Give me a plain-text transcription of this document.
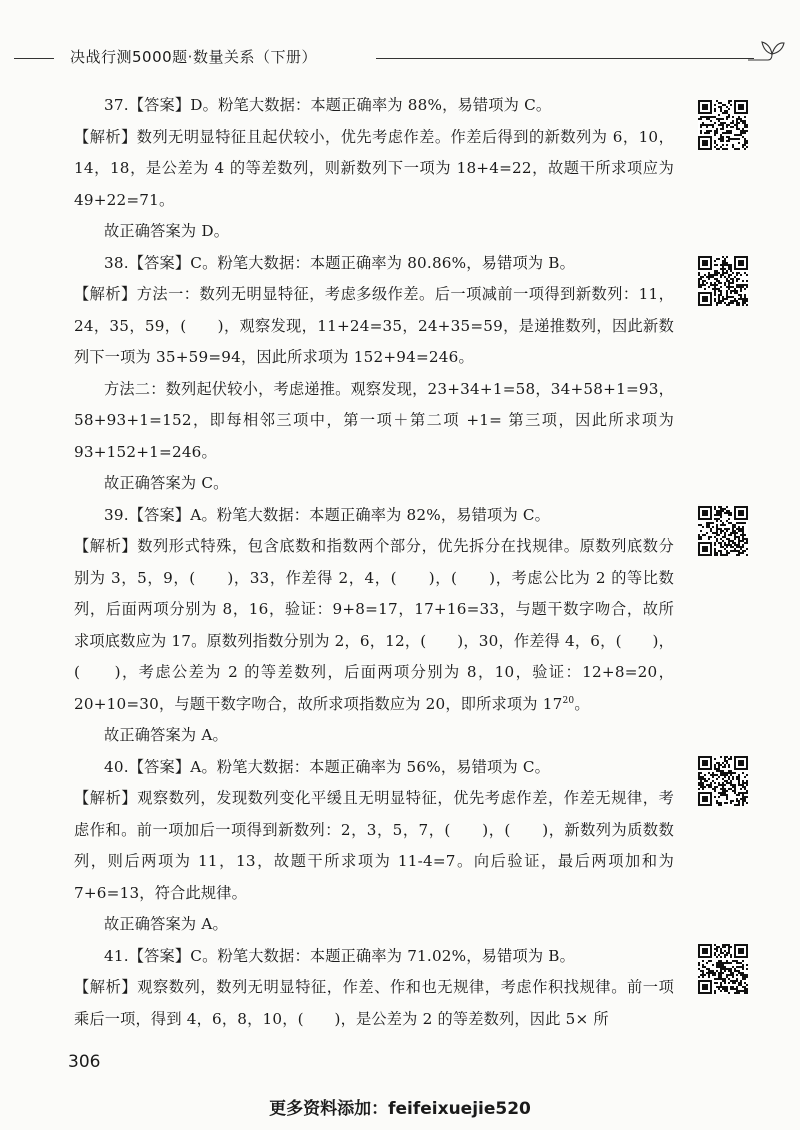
决战行测5000题·数量关系（下册）

37.【答案】D。粉笔大数据：本题正确率为 88%，易错项为 C。

【解析】数列无明显特征且起伏较小，优先考虑作差。作差后得到的新数列为 6，10，14，18，是公差为 4 的等差数列，则新数列下一项为 18+4=22，故题干所求项应为 49+22=71。

故正确答案为 D。

38.【答案】C。粉笔大数据：本题正确率为 80.86%，易错项为 B。

【解析】方法一：数列无明显特征，考虑多级作差。后一项减前一项得到新数列：11，24，35，59，(　　)，观察发现，11+24=35，24+35=59，是递推数列，因此新数列下一项为 35+59=94，因此所求项为 152+94=246。

方法二：数列起伏较小，考虑递推。观察发现，23+34+1=58，34+58+1=93，58+93+1=152，即每相邻三项中，第一项＋第二项 +1= 第三项，因此所求项为 93+152+1=246。

故正确答案为 C。

39.【答案】A。粉笔大数据：本题正确率为 82%，易错项为 C。

【解析】数列形式特殊，包含底数和指数两个部分，优先拆分在找规律。原数列底数分别为 3，5，9，(　　)，33，作差得 2，4，(　　)，(　　)，考虑公比为 2 的等比数列，后面两项分别为 8，16，验证：9+8=17，17+16=33，与题干数字吻合，故所求项底数应为 17。原数列指数分别为 2，6，12，(　　)，30，作差得 4，6，(　　)，(　　)，考虑公差为 2 的等差数列，后面两项分别为 8，10，验证：12+8=20，20+10=30，与题干数字吻合，故所求项指数应为 20，即所求项为 $17^{20}$。

故正确答案为 A。

40.【答案】A。粉笔大数据：本题正确率为 56%，易错项为 C。

【解析】观察数列，发现数列变化平缓且无明显特征，优先考虑作差，作差无规律，考虑作和。前一项加后一项得到新数列：2，3，5，7，(　　)，(　　)，新数列为质数数列，则后两项为 11，13，故题干所求项为 11-4=7。向后验证，最后两项加和为 7+6=13，符合此规律。

故正确答案为 A。

41.【答案】C。粉笔大数据：本题正确率为 71.02%，易错项为 B。

【解析】观察数列，数列无明显特征，作差、作和也无规律，考虑作积找规律。前一项乘后一项，得到 4，6，8，10，(　　)，是公差为 2 的等差数列，因此 5× 所

306
更多资料添加：feifeixuejie520
